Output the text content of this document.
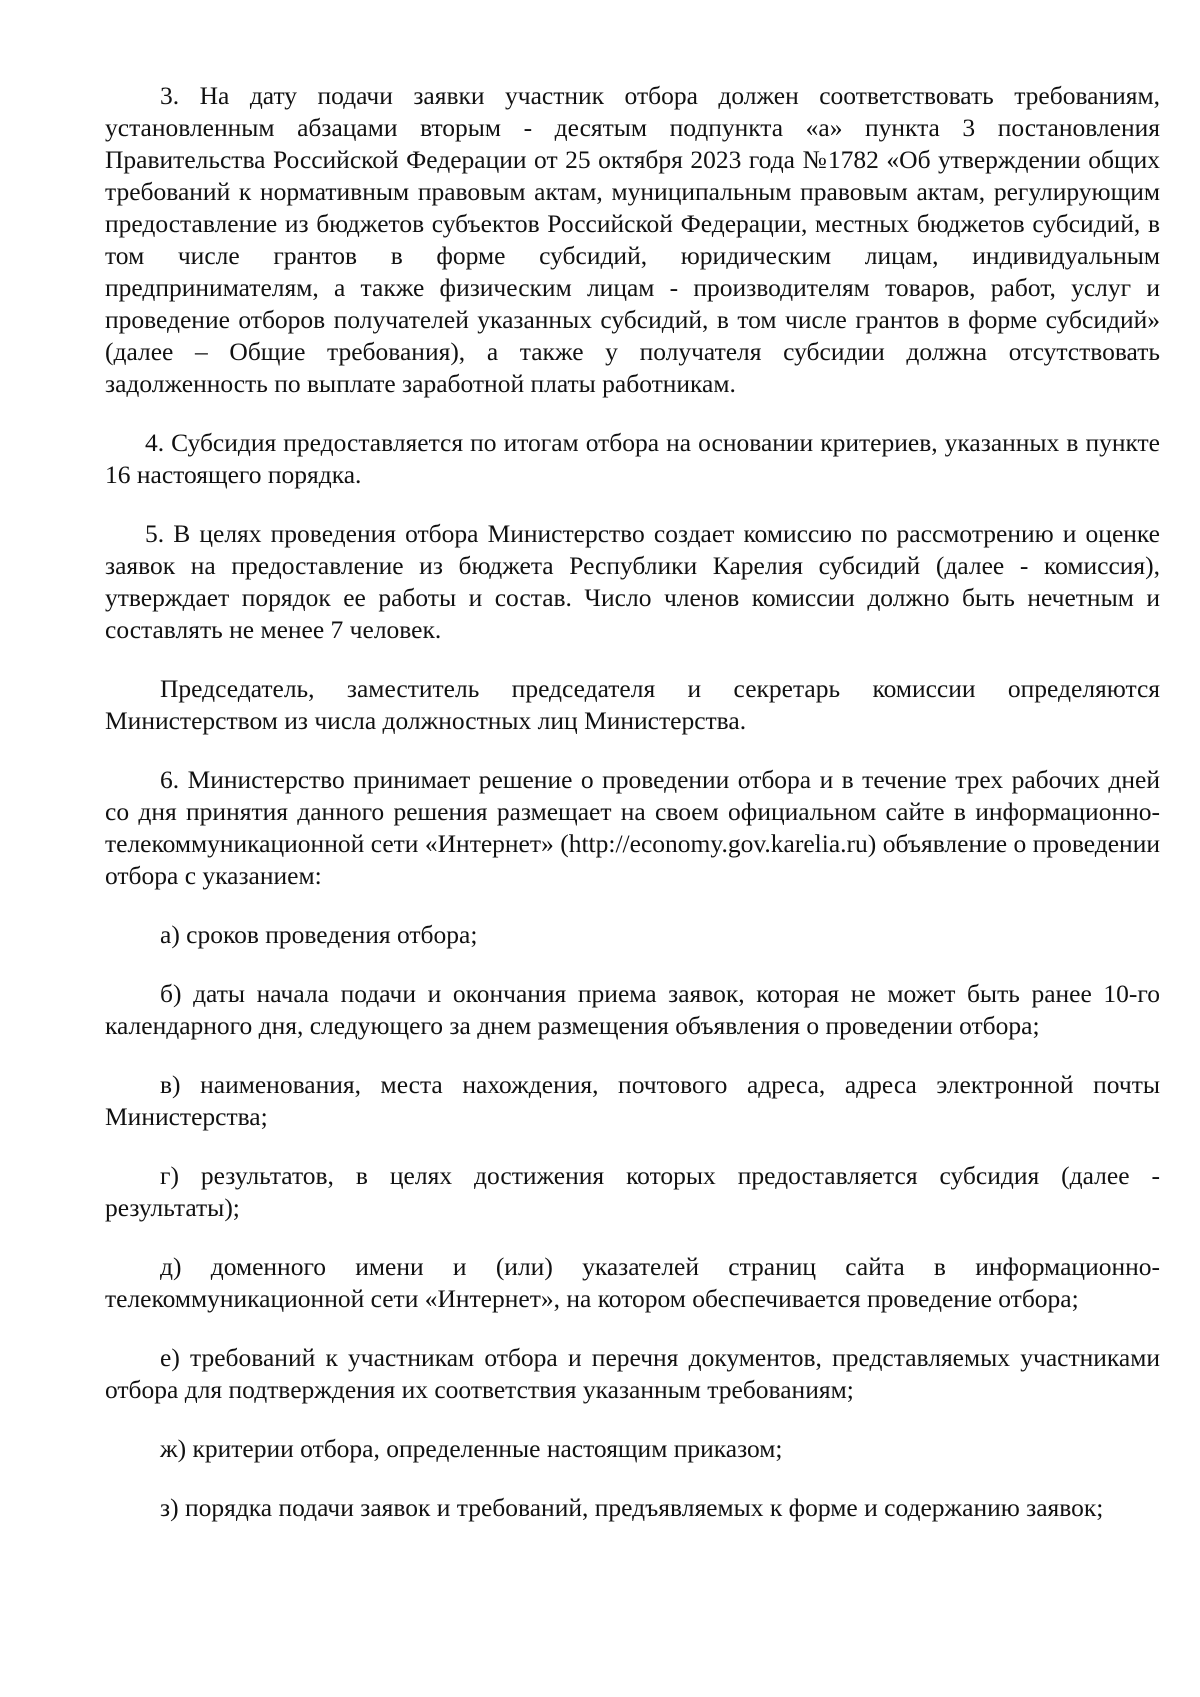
3. На дату подачи заявки участник отбора должен соответствовать требованиям, установленным абзацами вторым - десятым подпункта «а» пункта 3 постановления Правительства Российской Федерации от 25 октября 2023 года №1782 «Об утверждении общих требований к нормативным правовым актам, муниципальным правовым актам, регулирующим предоставление из бюджетов субъектов Российской Федерации, местных бюджетов субсидий, в том числе грантов в форме субсидий, юридическим лицам, индивидуальным предпринимателям, а также физическим лицам - производителям товаров, работ, услуг и проведение отборов получателей указанных субсидий, в том числе грантов в форме субсидий» (далее – Общие требования), а также у получателя субсидии должна отсутствовать задолженность по выплате заработной платы работникам.

4. Субсидия предоставляется по итогам отбора на основании критериев, указанных в пункте 16 настоящего порядка.

5. В целях проведения отбора Министерство создает комиссию по рассмотрению и оценке заявок на предоставление из бюджета Республики Карелия субсидий (далее - комиссия), утверждает порядок ее работы и состав. Число членов комиссии должно быть нечетным и составлять не менее 7 человек.

Председатель, заместитель председателя и секретарь комиссии определяются Министерством из числа должностных лиц Министерства.

6. Министерство принимает решение о проведении отбора и в течение трех рабочих дней со дня принятия данного решения размещает на своем официальном сайте в информационно-телекоммуникационной сети «Интернет» (http://economy.gov.karelia.ru) объявление о проведении отбора с указанием:

а) сроков проведения отбора;

б) даты начала подачи и окончания приема заявок, которая не может быть ранее 10-го календарного дня, следующего за днем размещения объявления о проведении отбора;

в) наименования, места нахождения, почтового адреса, адреса электронной почты Министерства;

г) результатов, в целях достижения которых предоставляется субсидия (далее - результаты);

д) доменного имени и (или) указателей страниц сайта в информационно-телекоммуникационной сети «Интернет», на котором обеспечивается проведение отбора;

е) требований к участникам отбора и перечня документов, представляемых участниками отбора для подтверждения их соответствия указанным требованиям;

ж) критерии отбора, определенные настоящим приказом;

з) порядка подачи заявок и требований, предъявляемых к форме и содержанию заявок;
